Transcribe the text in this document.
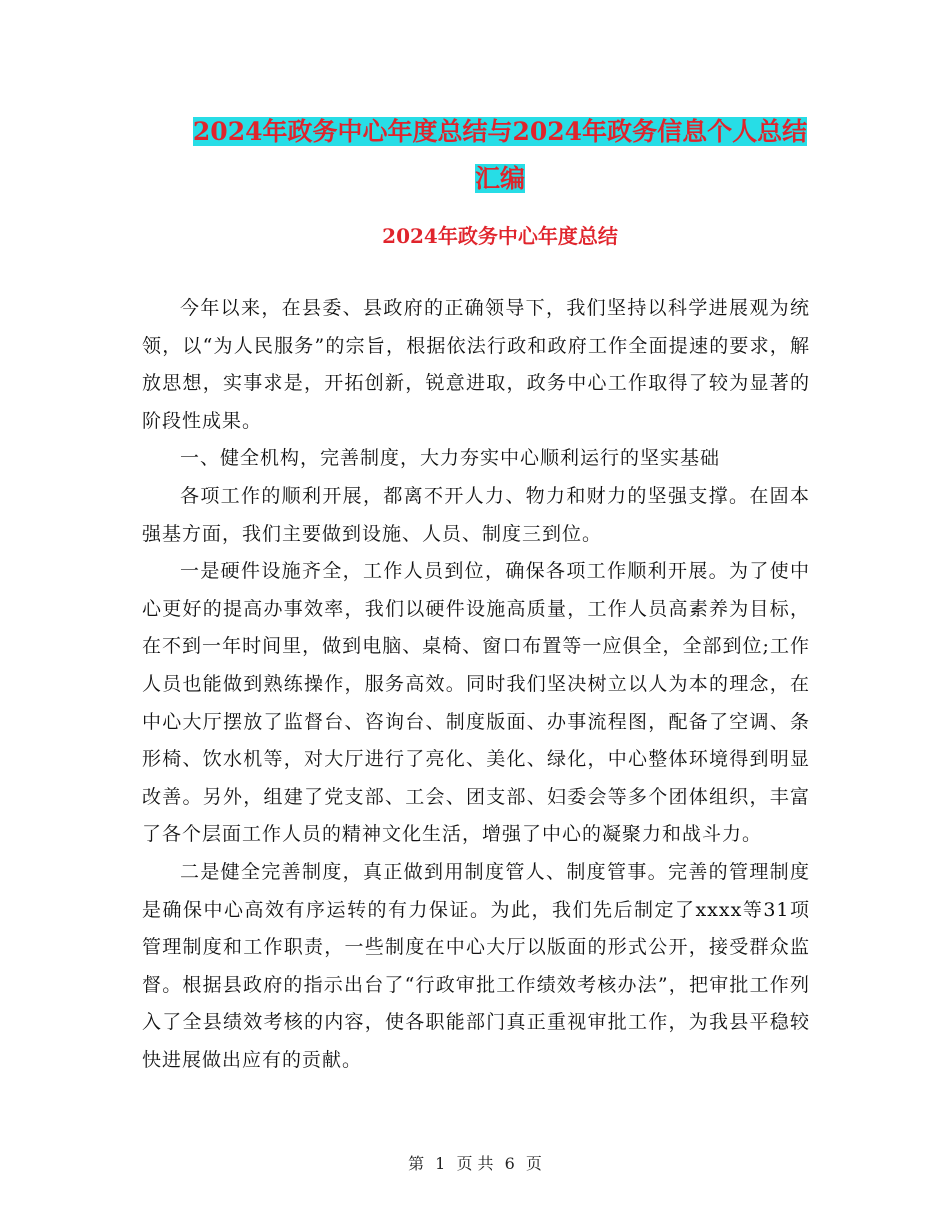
2024年政务中心年度总结与2024年政务信息个人总结
汇编
2024年政务中心年度总结

今年以来，在县委、县政府的正确领导下，我们坚持以科学进展观为统领，以“为人民服务”的宗旨，根据依法行政和政府工作全面提速的要求，解放思想，实事求是，开拓创新，锐意进取，政务中心工作取得了较为显著的阶段性成果。

一、健全机构，完善制度，大力夯实中心顺利运行的坚实基础

各项工作的顺利开展，都离不开人力、物力和财力的坚强支撑。在固本强基方面，我们主要做到设施、人员、制度三到位。

一是硬件设施齐全，工作人员到位，确保各项工作顺利开展。为了使中心更好的提高办事效率，我们以硬件设施高质量，工作人员高素养为目标，在不到一年时间里，做到电脑、桌椅、窗口布置等一应俱全，全部到位;工作人员也能做到熟练操作，服务高效。同时我们坚决树立以人为本的理念，在中心大厅摆放了监督台、咨询台、制度版面、办事流程图，配备了空调、条形椅、饮水机等，对大厅进行了亮化、美化、绿化，中心整体环境得到明显改善。另外，组建了党支部、工会、团支部、妇委会等多个团体组织，丰富了各个层面工作人员的精神文化生活，增强了中心的凝聚力和战斗力。

二是健全完善制度，真正做到用制度管人、制度管事。完善的管理制度是确保中心高效有序运转的有力保证。为此，我们先后制定了xxxx等31项管理制度和工作职责，一些制度在中心大厅以版面的形式公开，接受群众监督。根据县政府的指示出台了“行政审批工作绩效考核办法”，把审批工作列入了全县绩效考核的内容，使各职能部门真正重视审批工作，为我县平稳较快进展做出应有的贡献。

第 1 页 共 6 页
